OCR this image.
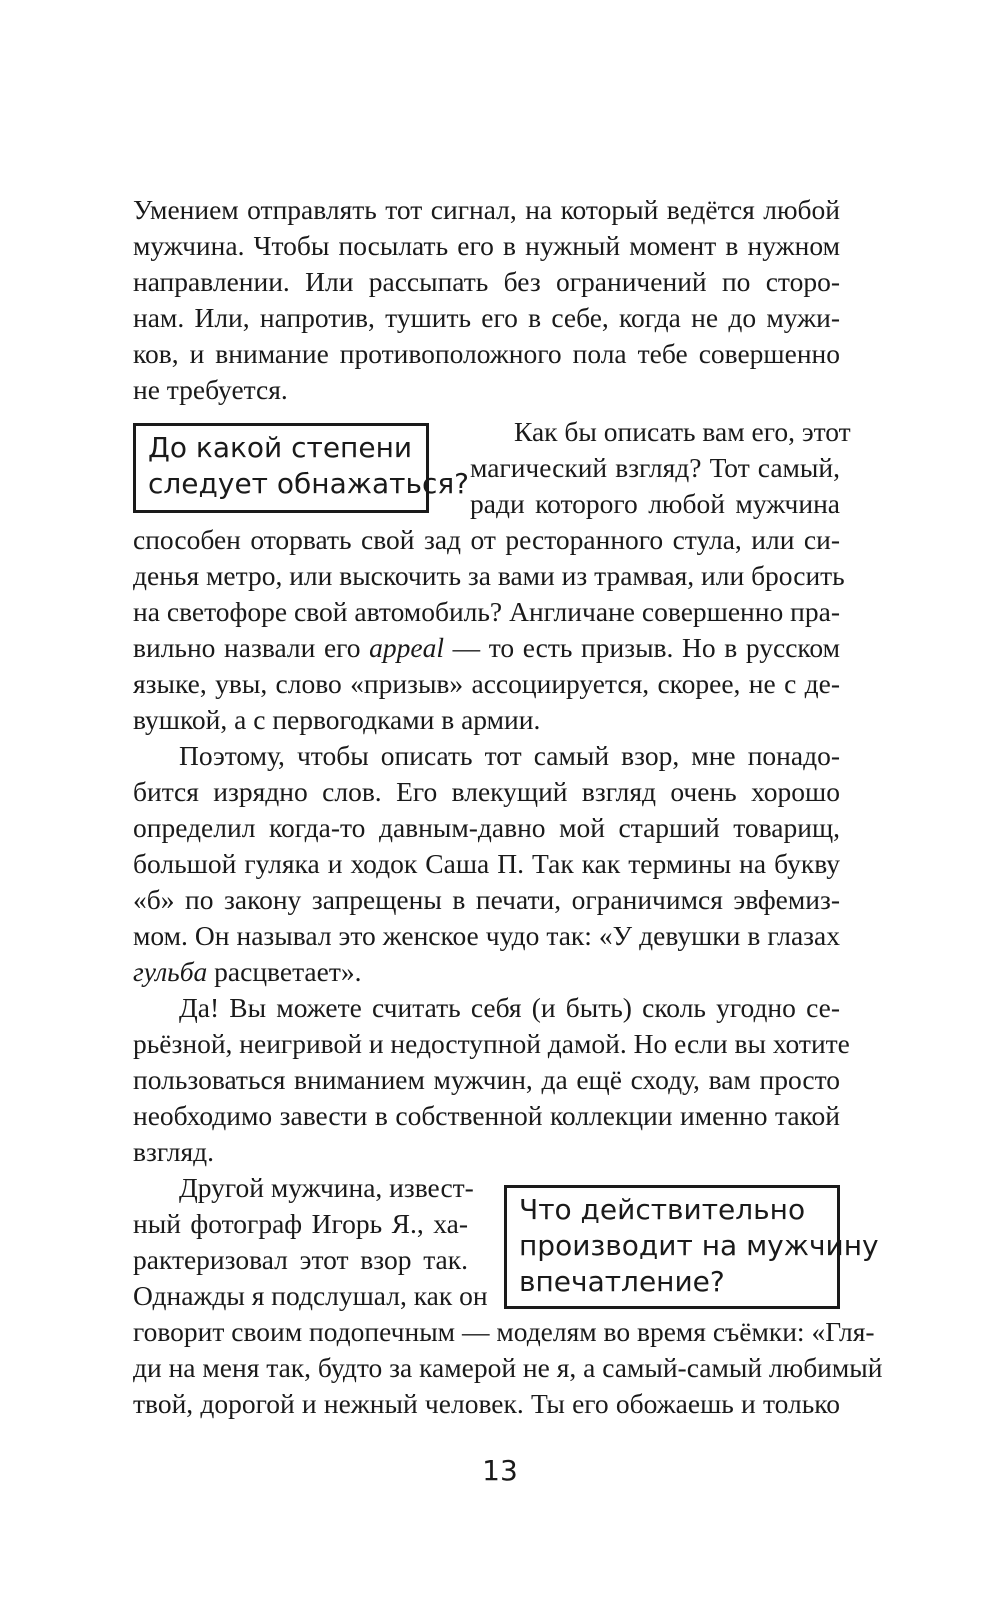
Умением отправлять тот сигнал, на который ведётся любой
мужчина. Чтобы посылать его в нужный момент в нужном
направлении. Или рассыпать без ограничений по сторо-
нам. Или, напротив, тушить его в себе, когда не до мужи-
ков, и внимание противоположного пола тебе совершенно
не требуется.
До какой степени
следует обнажаться?
Как бы описать вам его, этот
магический взгляд? Тот самый,
ради которого любой мужчина
способен оторвать свой зад от ресторанного стула, или си-
денья метро, или выскочить за вами из трамвая, или бросить
на светофоре свой автомобиль? Англичане совершенно пра-
вильно назвали его appeal — то есть призыв. Но в русском
языке, увы, слово «призыв» ассоциируется, скорее, не с де-
вушкой, а с первогодками в армии.
Поэтому, чтобы описать тот самый взор, мне понадо-
бится изрядно слов. Его влекущий взгляд очень хорошо
определил когда-то давным-давно мой старший товарищ,
большой гуляка и ходок Саша П. Так как термины на букву
«б» по закону запрещены в печати, ограничимся эвфемиз-
мом. Он называл это женское чудо так: «У девушки в глазах
гульба расцветает».
Да! Вы можете считать себя (и быть) сколь угодно се-
рьёзной, неигривой и недоступной дамой. Но если вы хотите
пользоваться вниманием мужчин, да ещё сходу, вам просто
необходимо завести в собственной коллекции именно такой
взгляд.
Другой мужчина, извест-
ный фотограф Игорь Я., ха-
рактеризовал этот взор так.
Однажды я подслушал, как он
Что действительно
производит на мужчину
впечатление?
говорит своим подопечным — моделям во время съёмки: «Гля-
ди на меня так, будто за камерой не я, а самый-самый любимый
твой, дорогой и нежный человек. Ты его обожаешь и только
13
